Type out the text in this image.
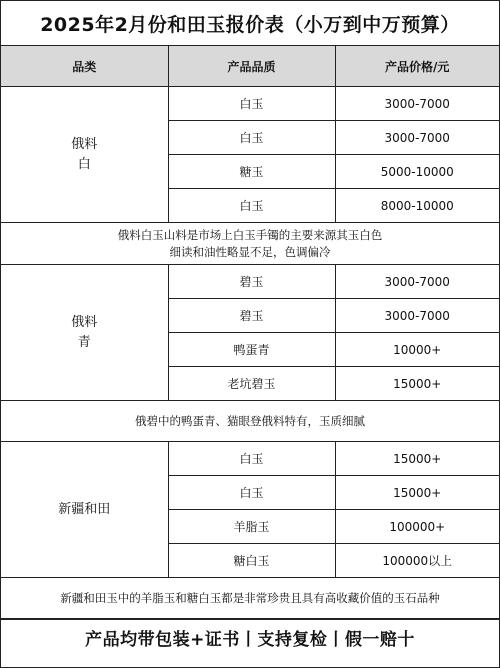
2025年2月份和田玉报价表（小万到中万预算）
品类	产品品质	产品价格/元

俄料
白	白玉	3000-7000
	白玉	3000-7000
	糖玉	5000-10000
	白玉	8000-10000

俄料白玉山料是市场上白玉手镯的主要来源其玉白色
细读和油性略显不足，色调偏冷		

俄料
青	碧玉	3000-7000
	碧玉	3000-7000
	鸭蛋青	10000+
	老坑碧玉	15000+

俄碧中的鸭蛋青、猫眼登俄料特有，玉质细腻		

新疆和田	白玉	15000+
	白玉	15000+
	羊脂玉	100000+
	糖白玉	100000以上

新疆和田玉中的羊脂玉和糖白玉都是非常珍贵且具有高收藏价值的玉石品种		
产品均带包装+证书丨支持复检丨假一赔十
